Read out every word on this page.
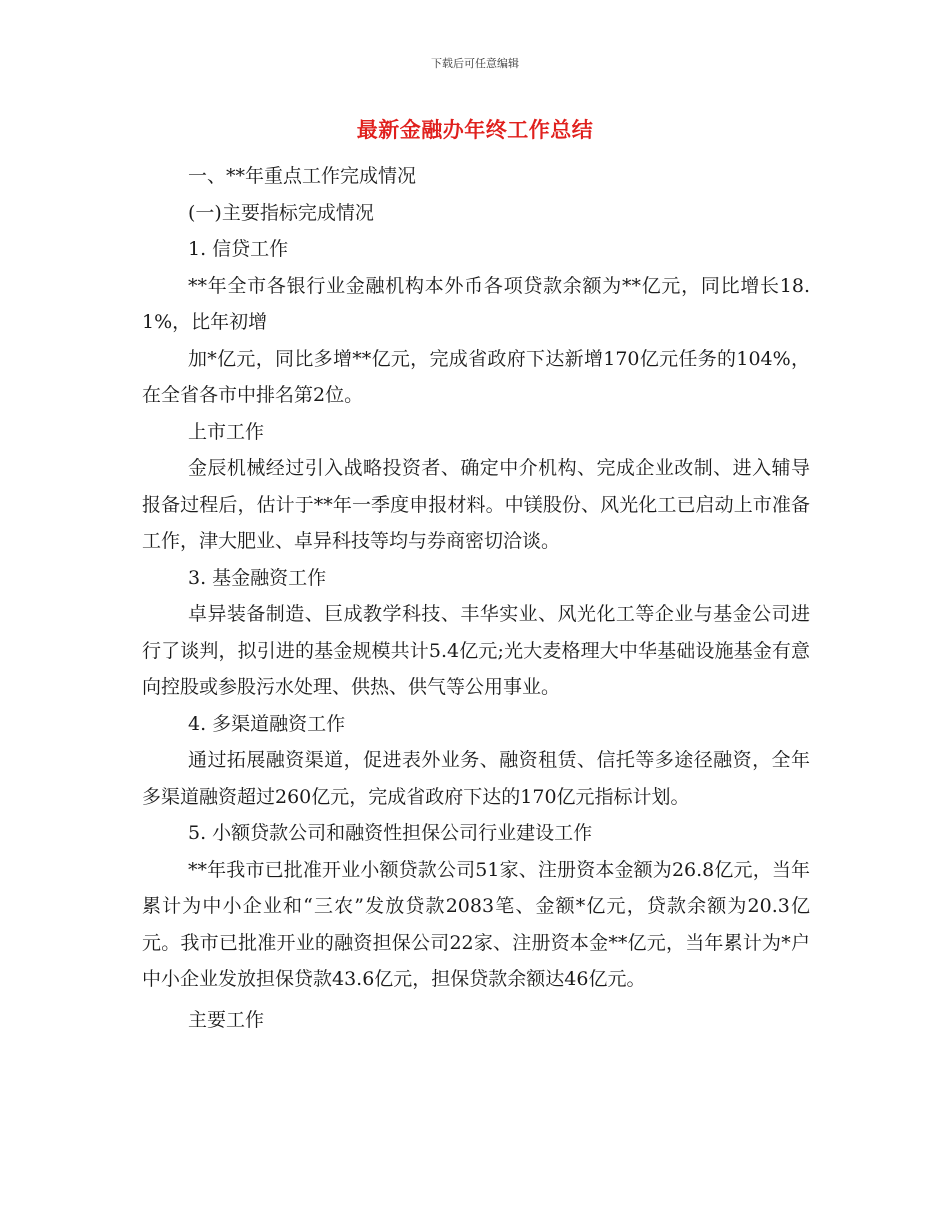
下载后可任意编辑
最新金融办年终工作总结

一、**年重点工作完成情况

(一)主要指标完成情况

1. 信贷工作

**年全市各银行业金融机构本外币各项贷款余额为**亿元，同比增长18.1%，比年初增

加*亿元，同比多增**亿元，完成省政府下达新增170亿元任务的104%，在全省各市中排名第2位。

上市工作

金辰机械经过引入战略投资者、确定中介机构、完成企业改制、进入辅导报备过程后，估计于**年一季度申报材料。中镁股份、风光化工已启动上市准备工作，津大肥业、卓异科技等均与券商密切洽谈。

3. 基金融资工作

卓异装备制造、巨成教学科技、丰华实业、风光化工等企业与基金公司进行了谈判，拟引进的基金规模共计5.4亿元;光大麦格理大中华基础设施基金有意向控股或参股污水处理、供热、供气等公用事业。

4. 多渠道融资工作

通过拓展融资渠道，促进表外业务、融资租赁、信托等多途径融资，全年多渠道融资超过260亿元，完成省政府下达的170亿元指标计划。

5. 小额贷款公司和融资性担保公司行业建设工作

**年我市已批准开业小额贷款公司51家、注册资本金额为26.8亿元，当年累计为中小企业和“三农”发放贷款2083笔、金额*亿元，贷款余额为20.3亿元。我市已批准开业的融资担保公司22家、注册资本金**亿元，当年累计为*户中小企业发放担保贷款43.6亿元，担保贷款余额达46亿元。

主要工作
